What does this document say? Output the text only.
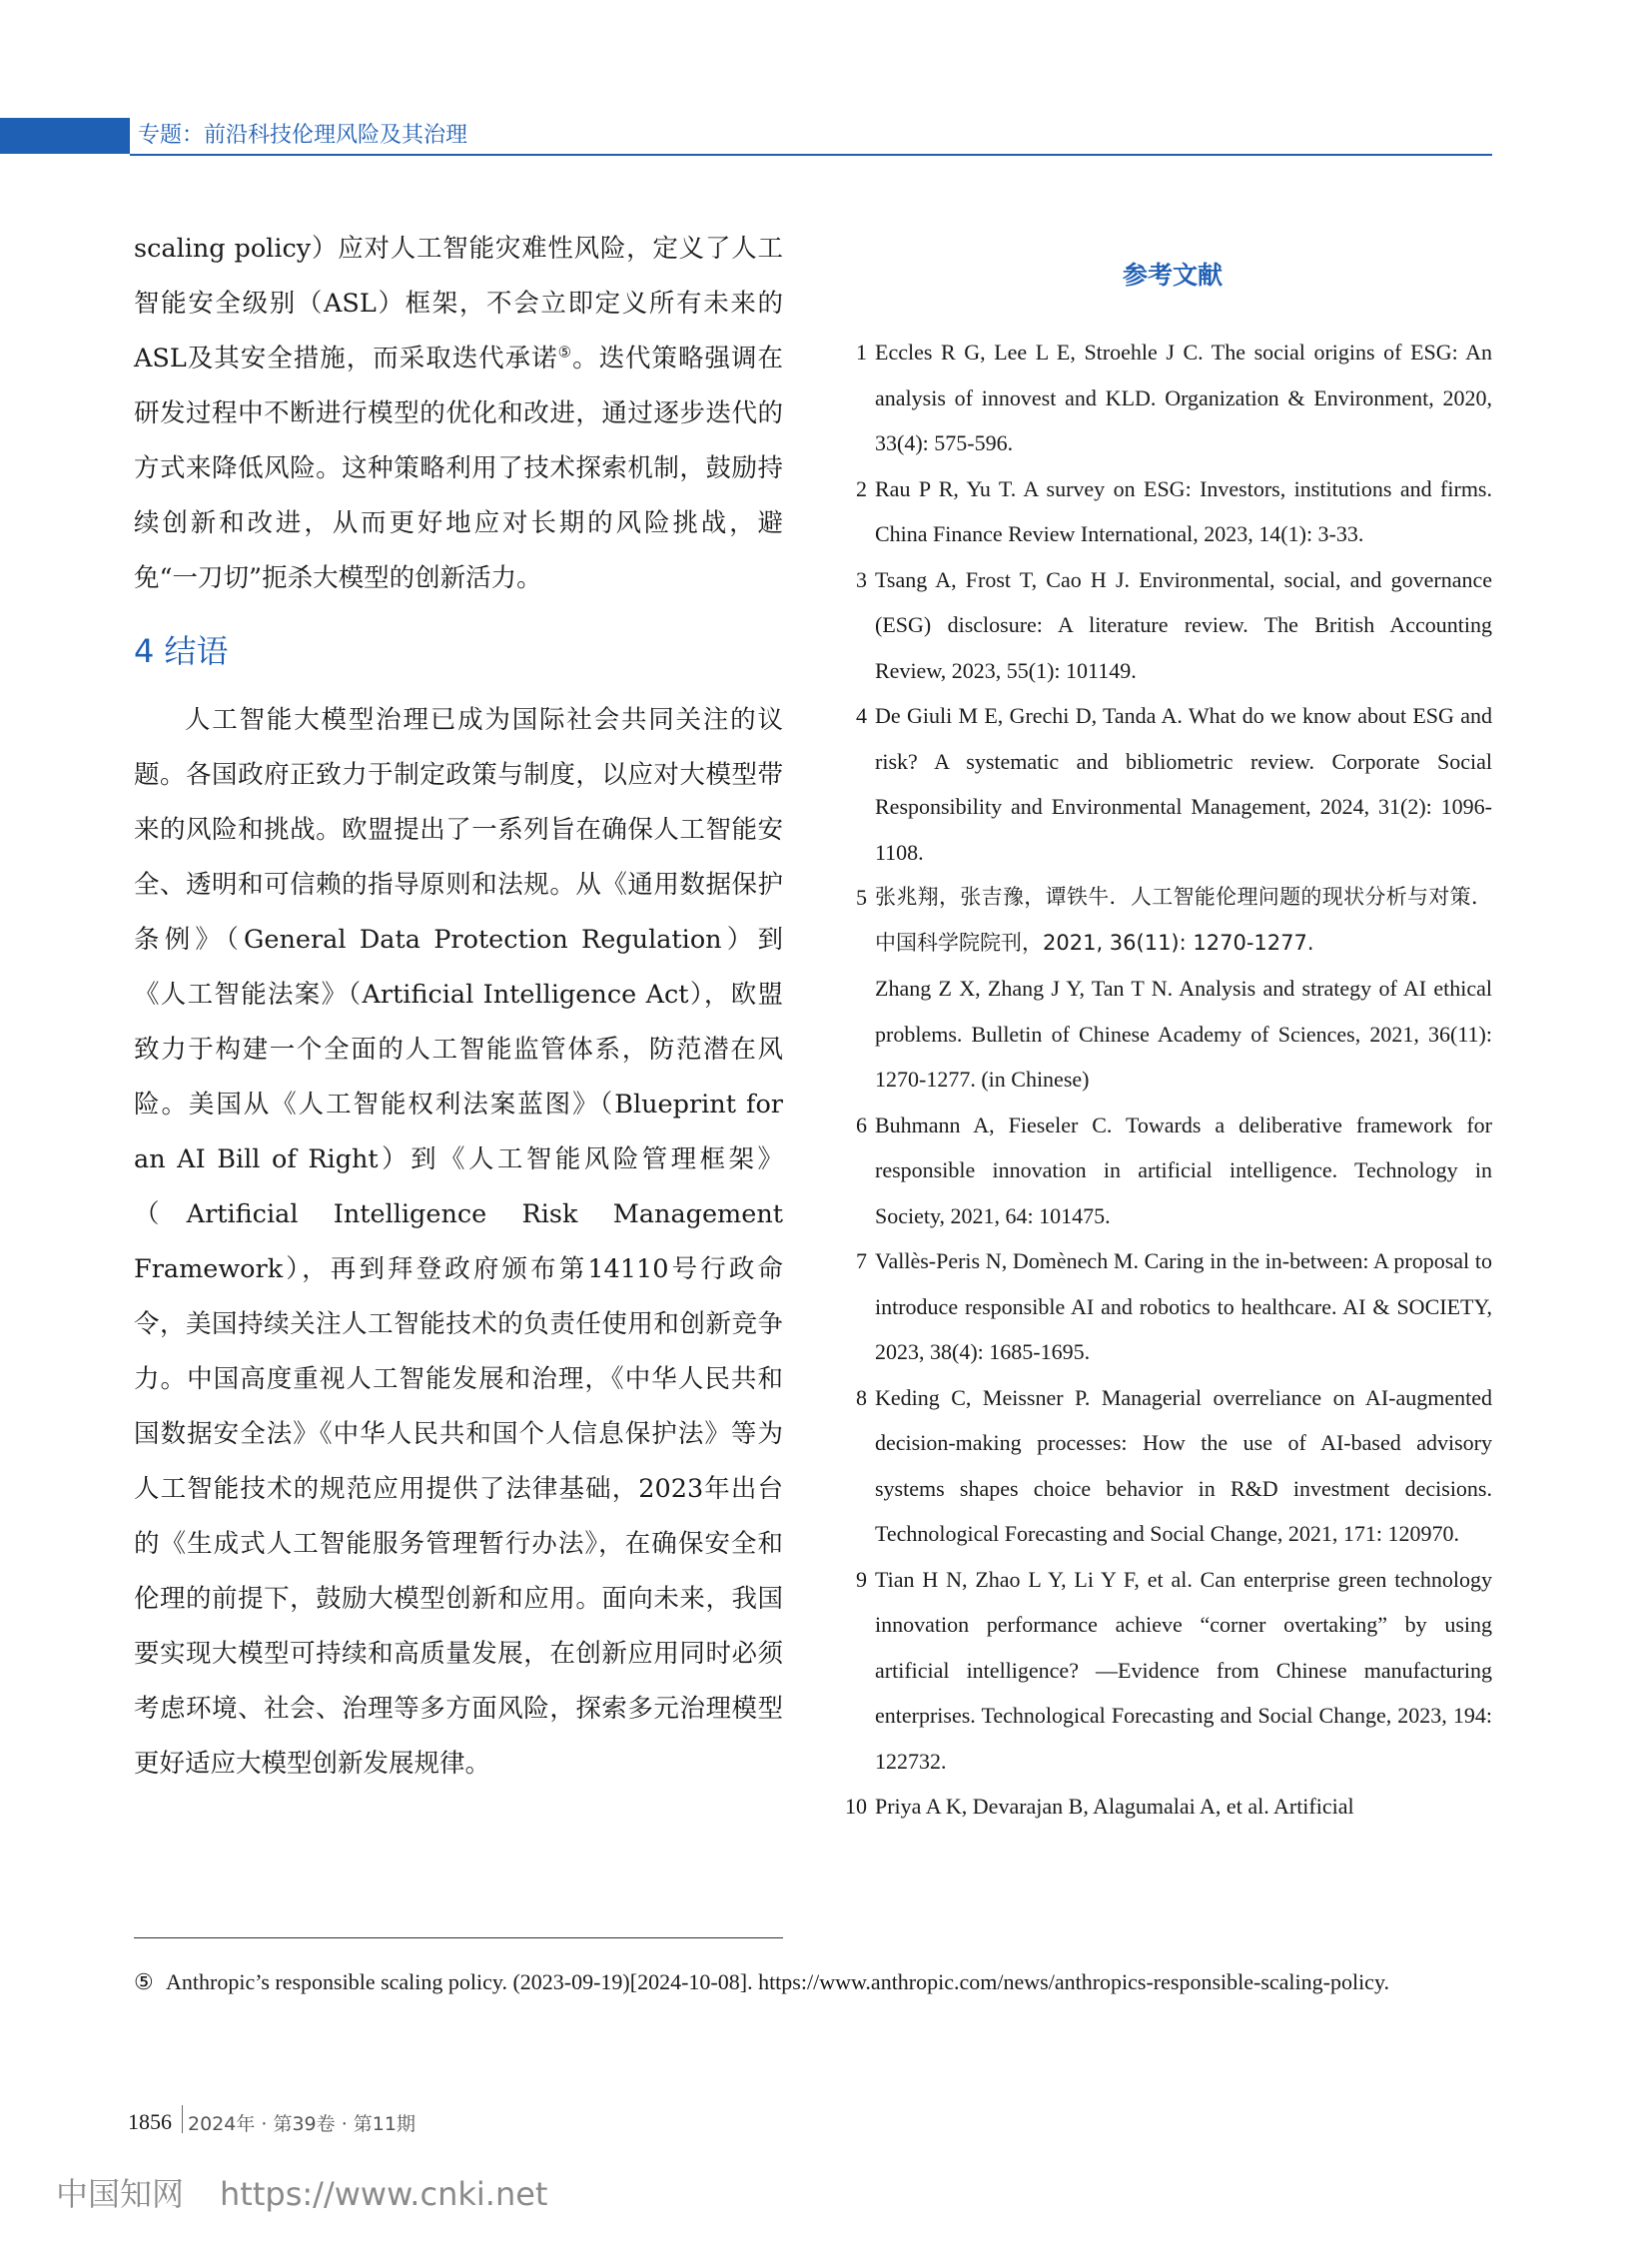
专题：前沿科技伦理风险及其治理

scaling policy）应对人工智能灾难性风险，定义了人工智能安全级别（ASL）框架，不会立即定义所有未来的ASL及其安全措施，而采取迭代承诺⑤。迭代策略强调在研发过程中不断进行模型的优化和改进，通过逐步迭代的方式来降低风险。这种策略利用了技术探索机制，鼓励持续创新和改进，从而更好地应对长期的风险挑战，避免“一刀切”扼杀大模型的创新活力。

4 结语

人工智能大模型治理已成为国际社会共同关注的议题。各国政府正致力于制定政策与制度，以应对大模型带来的风险和挑战。欧盟提出了一系列旨在确保人工智能安全、透明和可信赖的指导原则和法规。从《通用数据保护条例》（General Data Protection Regulation）到《人工智能法案》（Artificial Intelligence Act），欧盟致力于构建一个全面的人工智能监管体系，防范潜在风险。美国从《人工智能权利法案蓝图》（Blueprint for an AI Bill of Right）到《人工智能风险管理框架》（Artificial Intelligence Risk Management Framework），再到拜登政府颁布第14110号行政命令，美国持续关注人工智能技术的负责任使用和创新竞争力。中国高度重视人工智能发展和治理，《中华人民共和国数据安全法》《中华人民共和国个人信息保护法》等为人工智能技术的规范应用提供了法律基础，2023年出台的《生成式人工智能服务管理暂行办法》，在确保安全和伦理的前提下，鼓励大模型创新和应用。面向未来，我国要实现大模型可持续和高质量发展，在创新应用同时必须考虑环境、社会、治理等多方面风险，探索多元治理模型更好适应大模型创新发展规律。

参考文献
1 Eccles R G, Lee L E, Stroehle J C. The social origins of ESG: An analysis of innovest and KLD. Organization & Environment, 2020, 33(4): 575-596.
2 Rau P R, Yu T. A survey on ESG: Investors, institutions and firms. China Finance Review International, 2023, 14(1): 3-33.
3 Tsang A, Frost T, Cao H J. Environmental, social, and governance (ESG) disclosure: A literature review. The British Accounting Review, 2023, 55(1): 101149.
4 De Giuli M E, Grechi D, Tanda A. What do we know about ESG and risk? A systematic and bibliometric review. Corporate Social Responsibility and Environmental Management, 2024, 31(2): 1096-1108.
5 张兆翔，张吉豫，谭铁牛．人工智能伦理问题的现状分析与对策．中国科学院院刊，2021, 36(11): 1270-1277.
Zhang Z X, Zhang J Y, Tan T N. Analysis and strategy of AI ethical problems. Bulletin of Chinese Academy of Sciences, 2021, 36(11): 1270-1277. (in Chinese)
6 Buhmann A, Fieseler C. Towards a deliberative framework for responsible innovation in artificial intelligence. Technology in Society, 2021, 64: 101475.
7 Vallès-Peris N, Domènech M. Caring in the in-between: A proposal to introduce responsible AI and robotics to healthcare. AI & SOCIETY, 2023, 38(4): 1685-1695.
8 Keding C, Meissner P. Managerial overreliance on AI-augmented decision-making processes: How the use of AI-based advisory systems shapes choice behavior in R&D investment decisions. Technological Forecasting and Social Change, 2021, 171: 120970.
9 Tian H N, Zhao L Y, Li Y F, et al. Can enterprise green technology innovation performance achieve “corner overtaking” by using artificial intelligence? —Evidence from Chinese manufacturing enterprises. Technological Forecasting and Social Change, 2023, 194: 122732.
10 Priya A K, Devarajan B, Alagumalai A, et al. Artificial
⑤ Anthropic’s responsible scaling policy. (2023-09-19)[2024-10-08]. https://www.anthropic.com/news/anthropics-responsible-scaling-policy.
1856 2024年 · 第39卷 · 第11期
中国知网 https://www.cnki.net
